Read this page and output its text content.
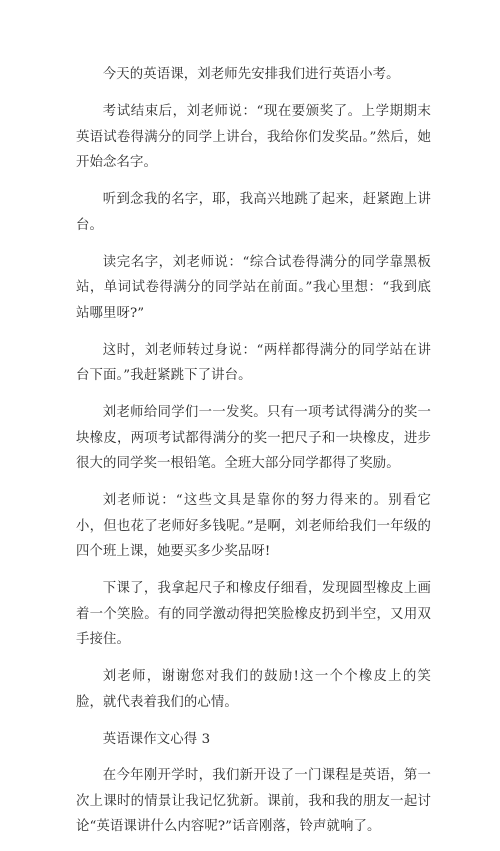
今天的英语课，刘老师先安排我们进行英语小考。

考试结束后，刘老师说：“现在要颁奖了。上学期期末英语试卷得满分的同学上讲台，我给你们发奖品。”然后，她开始念名字。

听到念我的名字，耶，我高兴地跳了起来，赶紧跑上讲台。

读完名字，刘老师说：“综合试卷得满分的同学靠黑板站，单词试卷得满分的同学站在前面。”我心里想：“我到底站哪里呀?”

这时，刘老师转过身说：“两样都得满分的同学站在讲台下面。”我赶紧跳下了讲台。

刘老师给同学们一一发奖。只有一项考试得满分的奖一块橡皮，两项考试都得满分的奖一把尺子和一块橡皮，进步很大的同学奖一根铅笔。全班大部分同学都得了奖励。

刘老师说：“这些文具是靠你的努力得来的。别看它小，但也花了老师好多钱呢。”是啊，刘老师给我们一年级的四个班上课，她要买多少奖品呀!

下课了，我拿起尺子和橡皮仔细看，发现圆型橡皮上画着一个笑脸。有的同学激动得把笑脸橡皮扔到半空，又用双手接住。

刘老师，谢谢您对我们的鼓励!这一个个橡皮上的笑脸，就代表着我们的心情。

英语课作文心得 3

在今年刚开学时，我们新开设了一门课程是英语，第一次上课时的情景让我记忆犹新。课前，我和我的朋友一起讨论“英语课讲什么内容呢?”话音刚落，铃声就响了。
